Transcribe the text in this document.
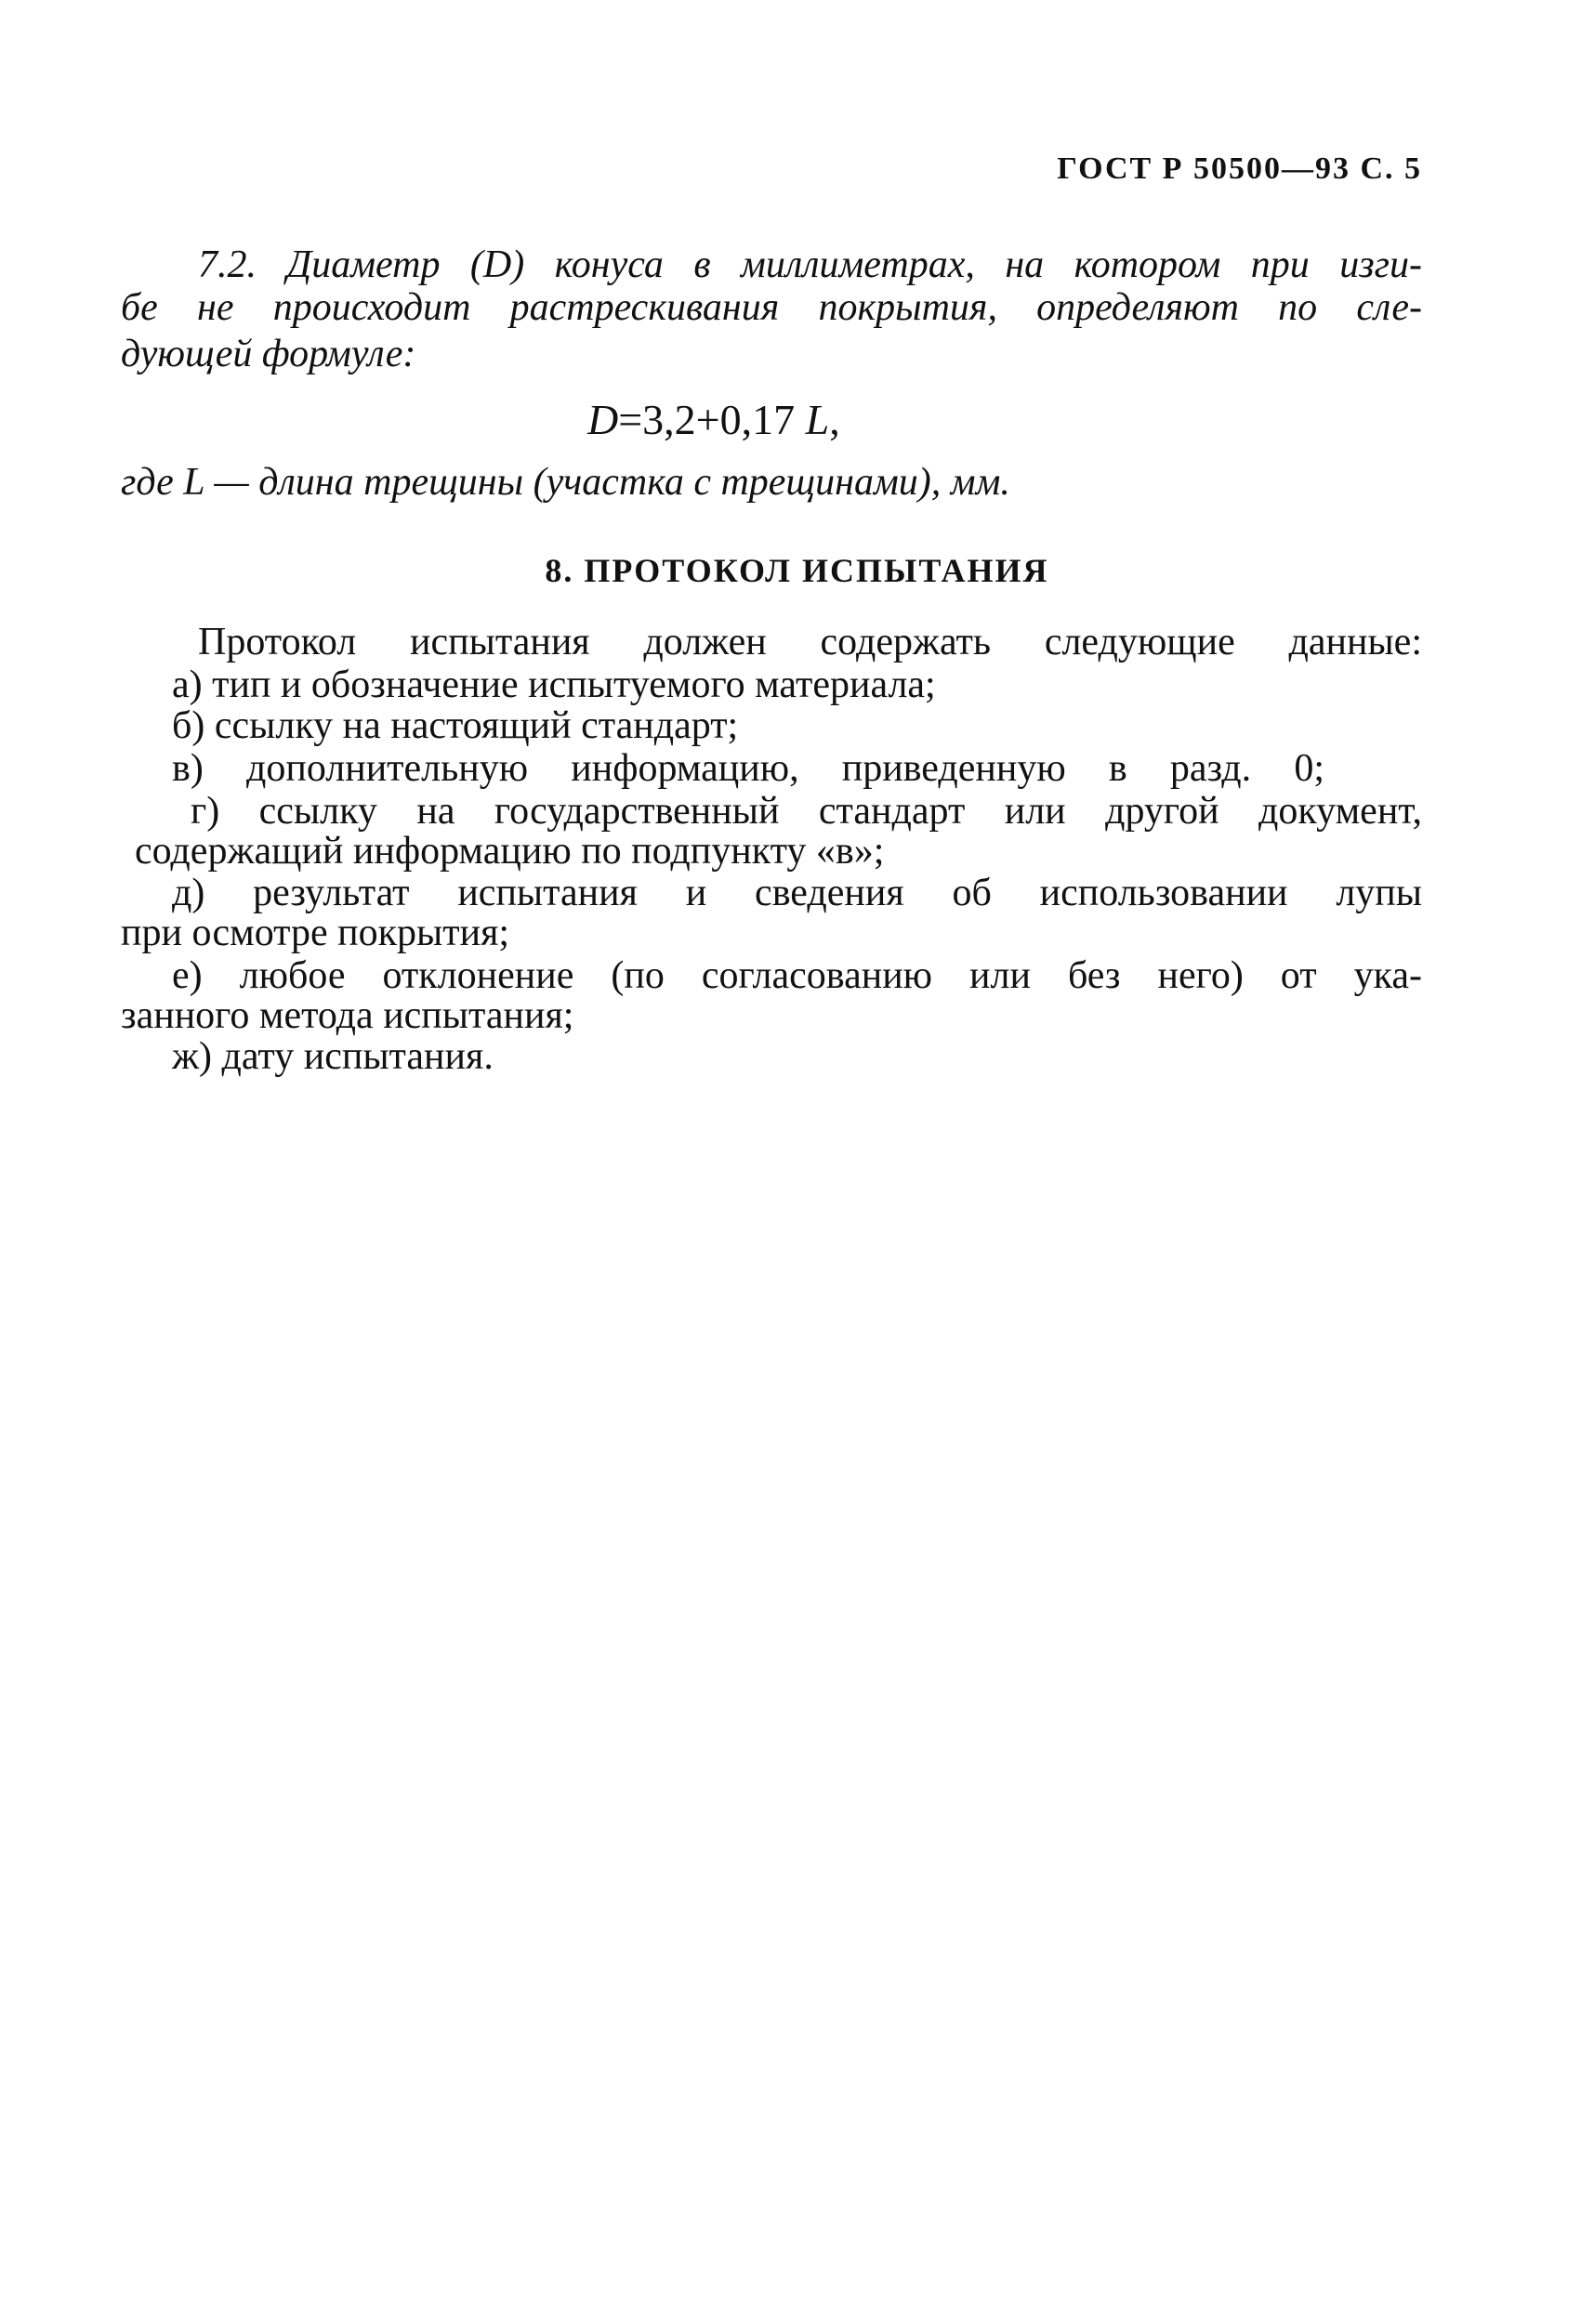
ГОСТ Р 50500—93 С. 5
7.2. Диаметр (D) конуса в миллиметрах, на котором при изги-
бе не происходит растрескивания покрытия, определяют по сле-
дующей формуле:
D=3,2+0,17 L,
где L — длина трещины (участка с трещинами), мм.
8. ПРОТОКОЛ ИСПЫТАНИЯ
Протокол испытания должен содержать следующие данные:
а) тип и обозначение испытуемого материала;
б) ссылку на настоящий стандарт;
в) дополнительную информацию, приведенную в разд. 0;
г) ссылку на государственный стандарт или другой документ,
содержащий информацию по подпункту «в»;
д) результат испытания и сведения об использовании лупы
при осмотре покрытия;
е) любое отклонение (по согласованию или без него) от ука-
занного метода испытания;
ж) дату испытания.
